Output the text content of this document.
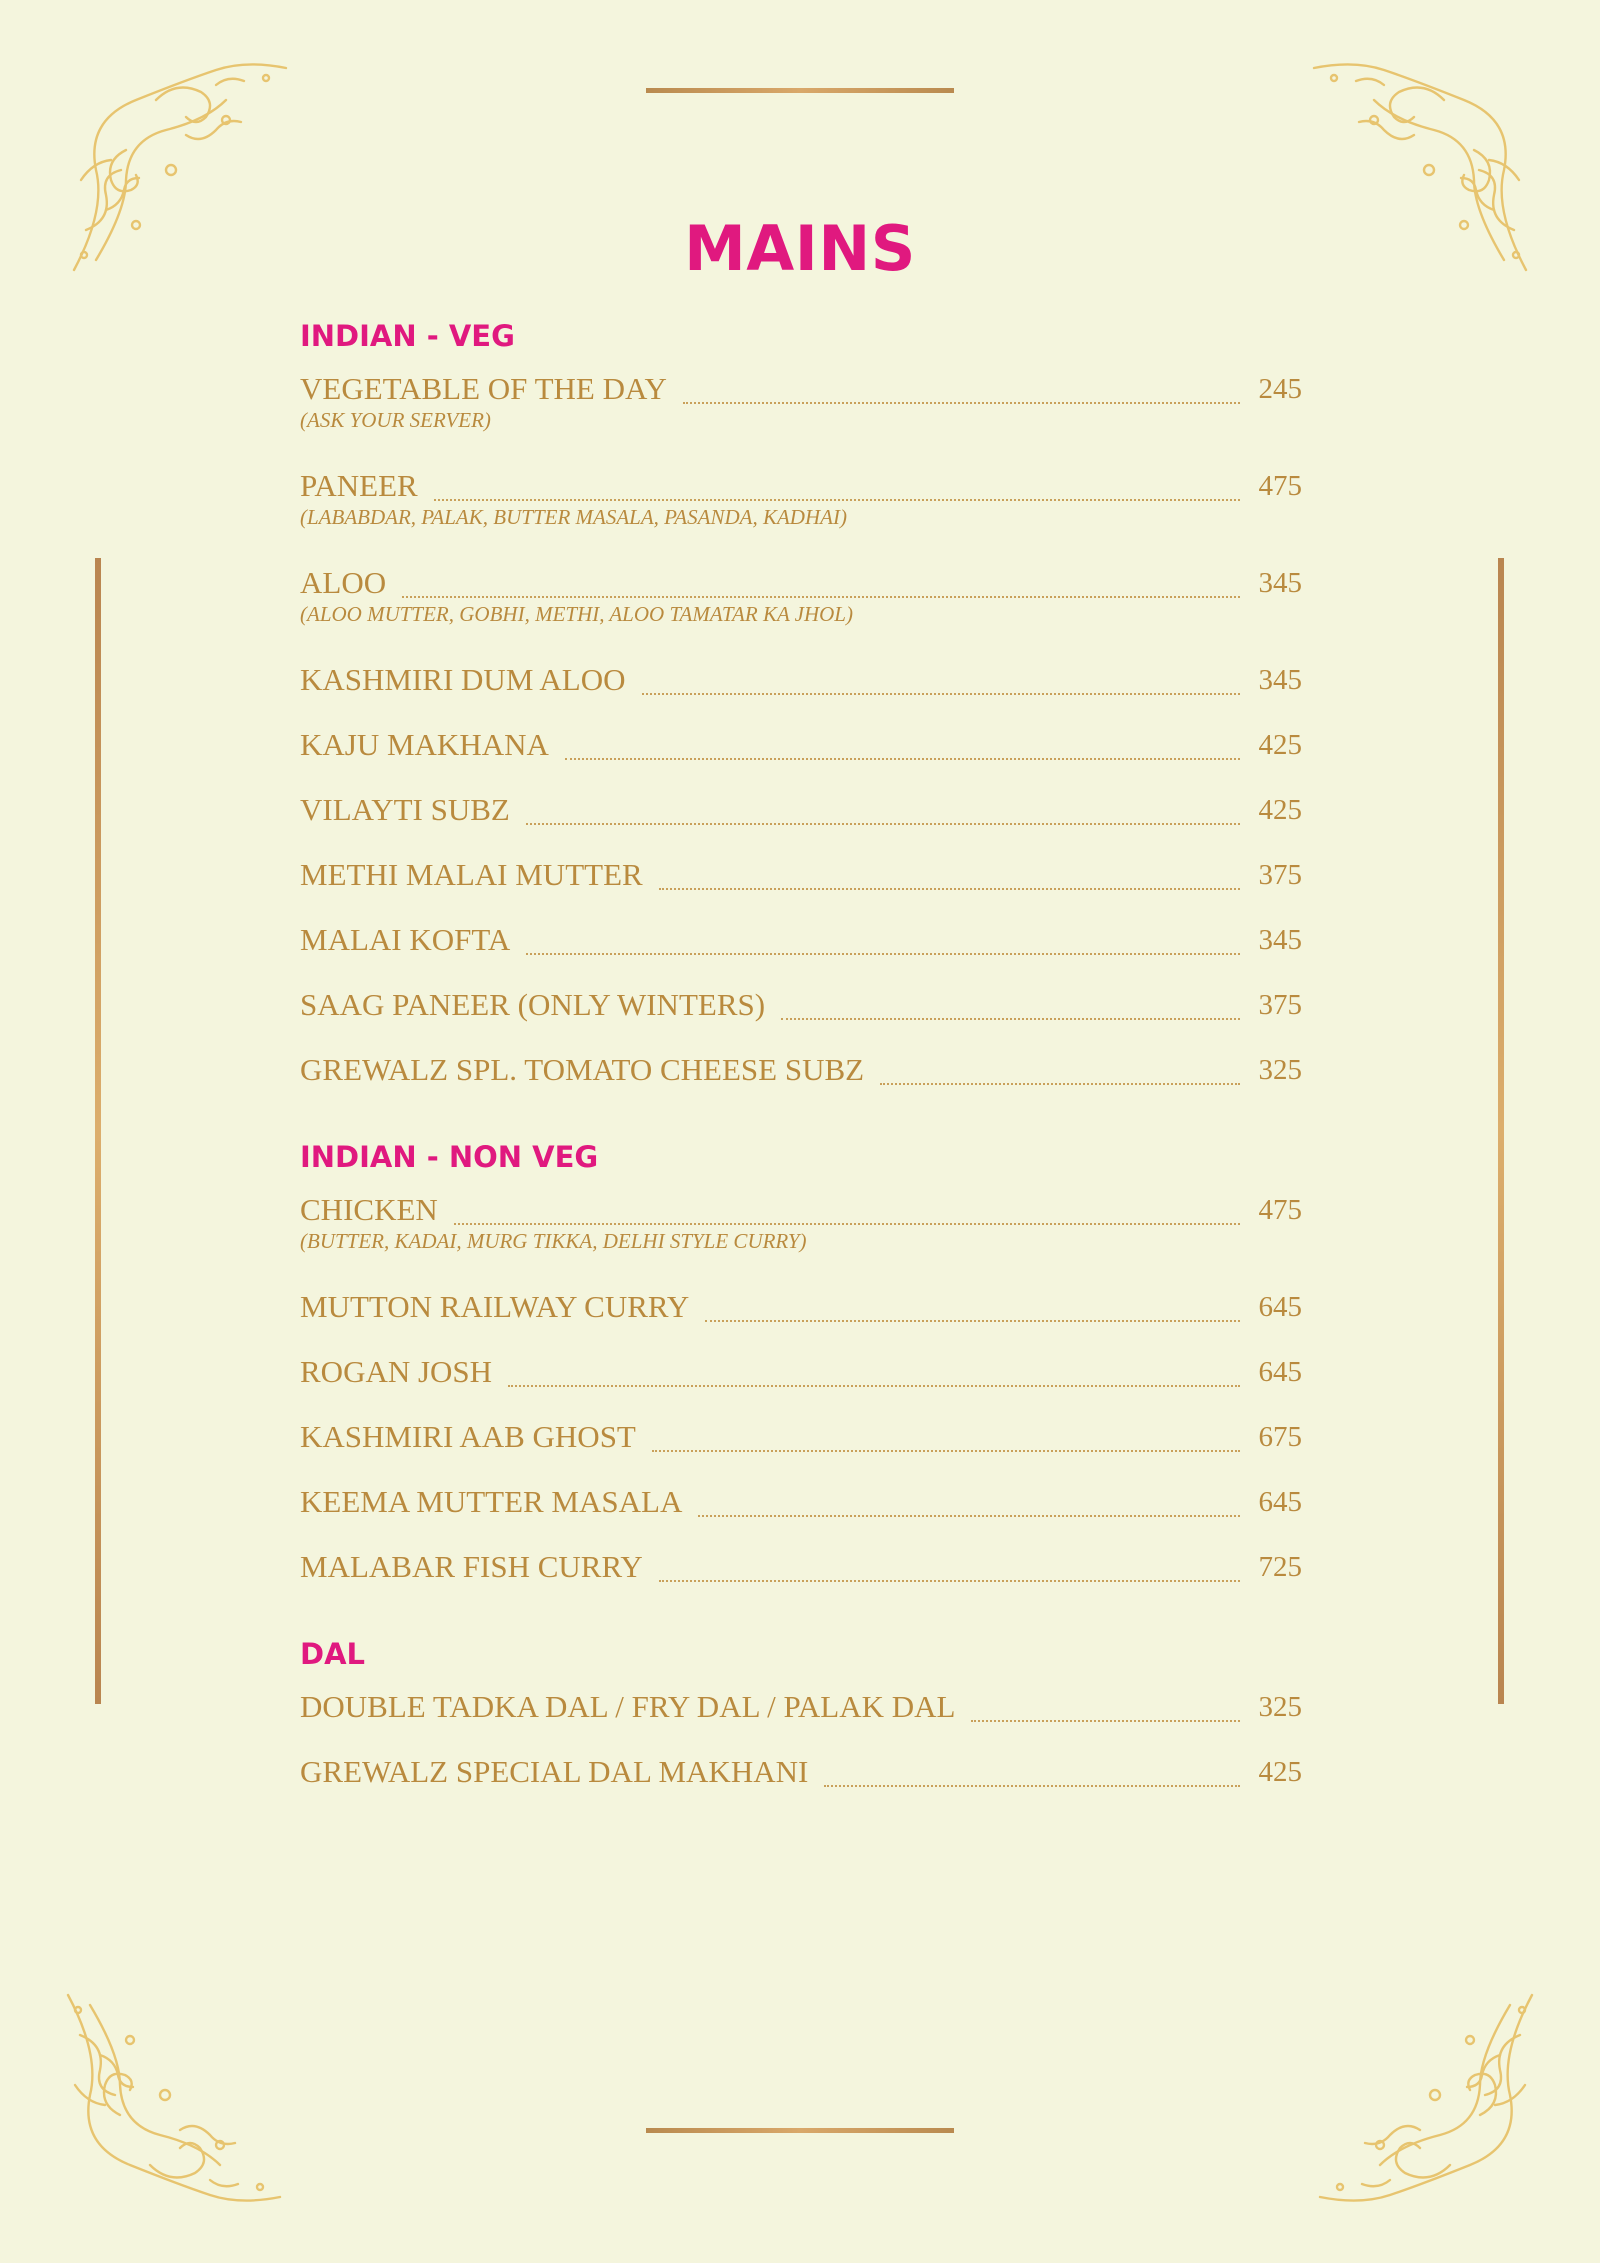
MAINS
INDIAN - VEG
VEGETABLE OF THE DAY	245
(ASK YOUR SERVER)
PANEER	475
(LABABDAR, PALAK, BUTTER MASALA, PASANDA, KADHAI)
ALOO	345
(ALOO MUTTER, GOBHI, METHI, ALOO TAMATAR KA JHOL)
KASHMIRI DUM ALOO	345
KAJU MAKHANA	425
VILAYTI SUBZ	425
METHI MALAI MUTTER	375
MALAI KOFTA	345
SAAG PANEER (ONLY WINTERS)	375
GREWALZ SPL. TOMATO CHEESE SUBZ	325
INDIAN - NON VEG
CHICKEN	475
(BUTTER, KADAI, MURG TIKKA, DELHI STYLE CURRY)
MUTTON RAILWAY CURRY	645
ROGAN JOSH	645
KASHMIRI AAB GHOST	675
KEEMA MUTTER MASALA	645
MALABAR FISH CURRY	725
DAL
DOUBLE TADKA DAL / FRY DAL / PALAK DAL	325
GREWALZ SPECIAL DAL MAKHANI	425
